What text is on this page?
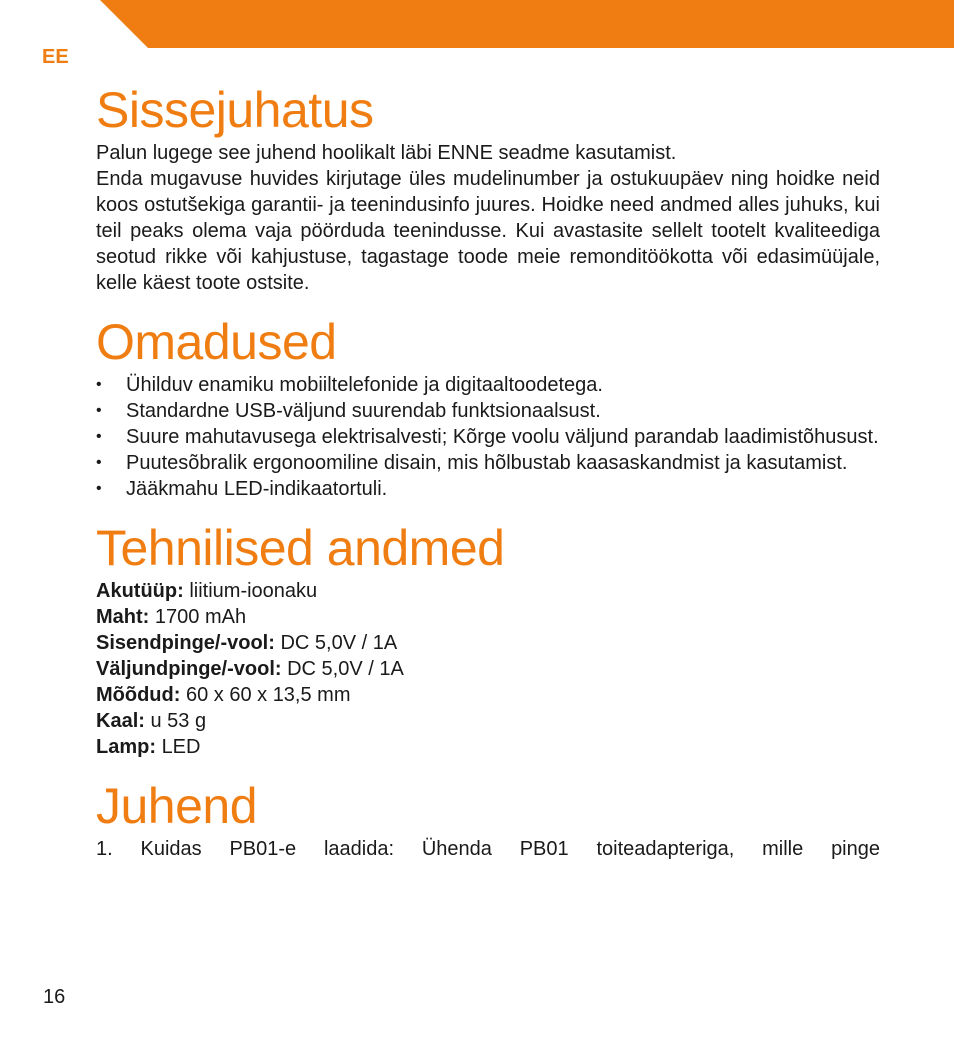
EE
Sissejuhatus

Palun lugege see juhend hoolikalt läbi ENNE seadme kasutamist.

Enda mugavuse huvides kirjutage üles mudelinumber ja ostukuupäev ning hoidke neid koos ostutšekiga garantii- ja teenindusinfo juures. Hoidke need andmed alles juhuks, kui teil peaks olema vaja pöörduda teenindusse. Kui avastasite sellelt tootelt kvaliteediga seotud rikke või kahjustuse, tagastage toode meie remonditöökotta või edasimüüjale, kelle käest toote ostsite.

Omadused
•	Ühilduv enamiku mobiiltelefonide ja digitaaltoodetega.
•	Standardne USB-väljund suurendab funktsionaalsust.
•	Suure mahutavusega elektrisalvesti; Kõrge voolu väljund parandab laadimistõhusust.
•	Puutesõbralik ergonoomiline disain, mis hõlbustab kaasaskandmist ja kasutamist.
•	Jääkmahu LED-indikaatortuli.
Tehnilised andmed
Akutüüp: liitium-ioonaku
Maht: 1700 mAh
Sisendpinge/-vool: DC 5,0V / 1A
Väljundpinge/-vool: DC 5,0V / 1A
Mõõdud: 60 x 60 x 13,5 mm
Kaal: u 53 g
Lamp: LED
Juhend

1. Kuidas PB01-e laadida: Ühenda PB01 toiteadapteriga, mille pinge

16
